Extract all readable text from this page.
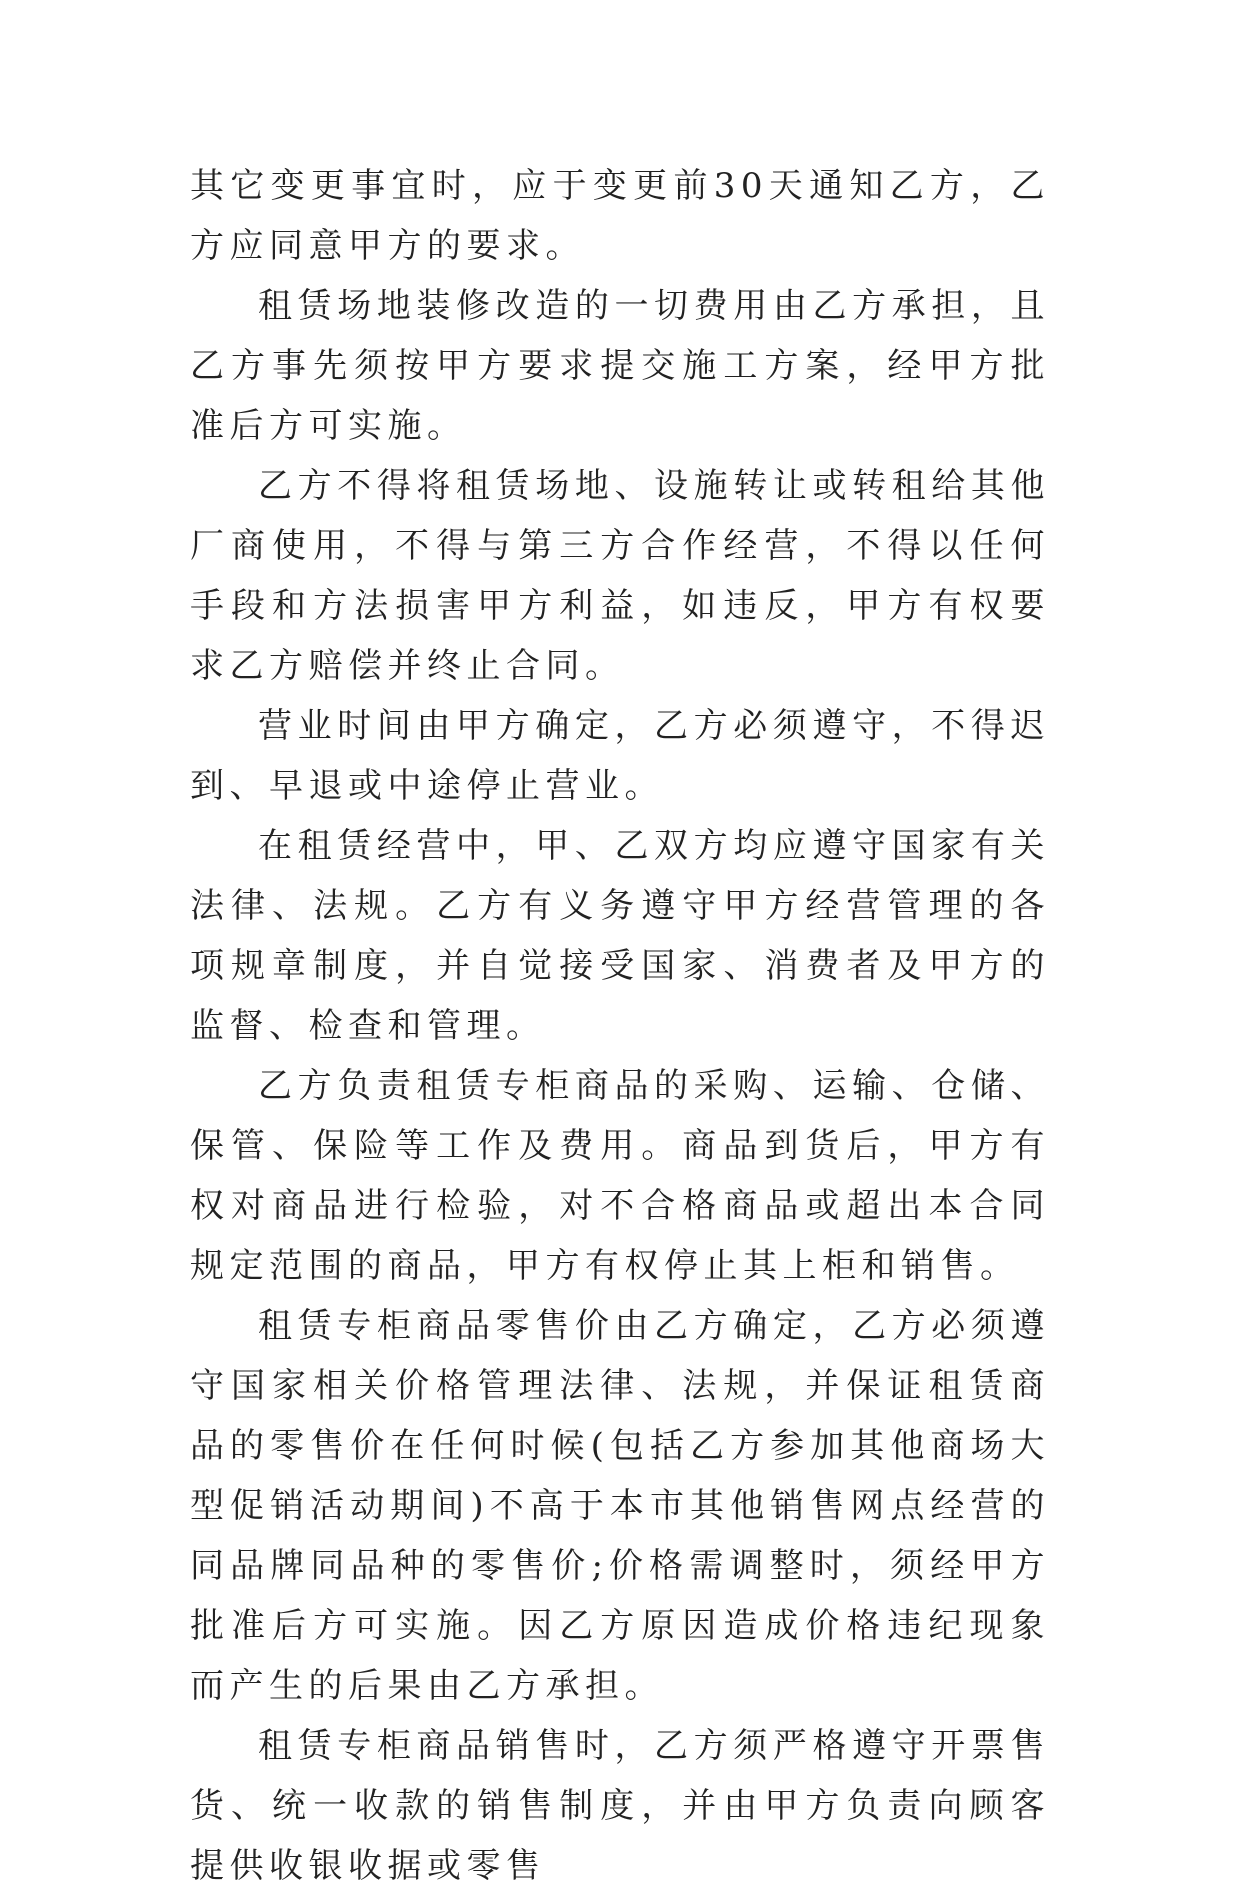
其它变更事宜时，应于变更前30天通知乙方，乙方应同意甲方的要求。

租赁场地装修改造的一切费用由乙方承担，且乙方事先须按甲方要求提交施工方案，经甲方批准后方可实施。

乙方不得将租赁场地、设施转让或转租给其他厂商使用，不得与第三方合作经营，不得以任何手段和方法损害甲方利益，如违反，甲方有权要求乙方赔偿并终止合同。

营业时间由甲方确定，乙方必须遵守，不得迟到、早退或中途停止营业。

在租赁经营中，甲、乙双方均应遵守国家有关法律、法规。乙方有义务遵守甲方经营管理的各项规章制度，并自觉接受国家、消费者及甲方的监督、检查和管理。

乙方负责租赁专柜商品的采购、运输、仓储、保管、保险等工作及费用。商品到货后，甲方有权对商品进行检验，对不合格商品或超出本合同规定范围的商品，甲方有权停止其上柜和销售。

租赁专柜商品零售价由乙方确定，乙方必须遵守国家相关价格管理法律、法规，并保证租赁商品的零售价在任何时候(包括乙方参加其他商场大型促销活动期间)不高于本市其他销售网点经营的同品牌同品种的零售价;价格需调整时，须经甲方批准后方可实施。因乙方原因造成价格违纪现象而产生的后果由乙方承担。

租赁专柜商品销售时，乙方须严格遵守开票售货、统一收款的销售制度，并由甲方负责向顾客提供收银收据或零售
